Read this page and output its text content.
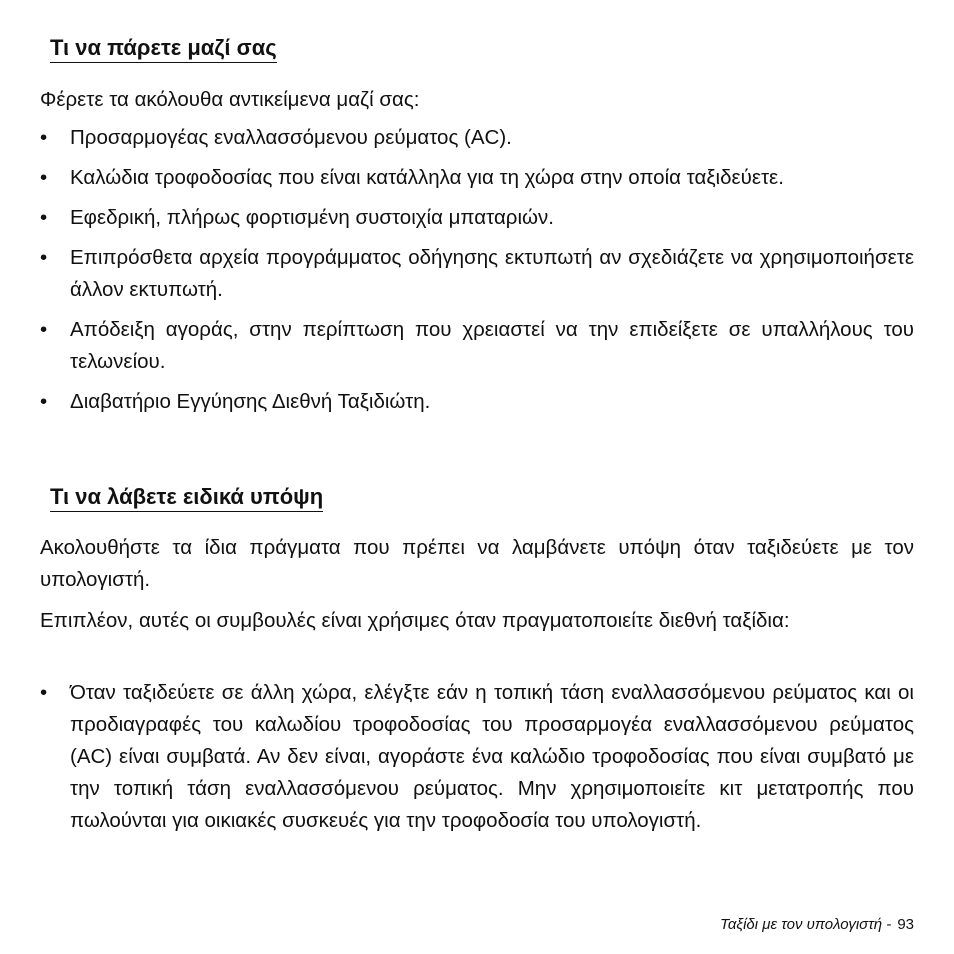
Τι να πάρετε μαζί σας
Φέρετε τα ακόλουθα αντικείμενα μαζί σας:
• Προσαρμογέας εναλλασσόμενου ρεύματος (AC).
• Καλώδια τροφοδοσίας που είναι κατάλληλα για τη χώρα στην οποία ταξιδεύετε.
• Εφεδρική, πλήρως φορτισμένη συστοιχία μπαταριών.
• Επιπρόσθετα αρχεία προγράμματος οδήγησης εκτυπωτή αν σχεδιάζετε να χρησιμοποιήσετε άλλον εκτυπωτή.
• Απόδειξη αγοράς, στην περίπτωση που χρειαστεί να την επιδείξετε σε υπαλλήλους του τελωνείου.
• Διαβατήριο Εγγύησης Διεθνή Ταξιδιώτη.
Τι να λάβετε ειδικά υπόψη
Ακολουθήστε τα ίδια πράγματα που πρέπει να λαμβάνετε υπόψη όταν ταξιδεύετε με τον υπολογιστή.
Επιπλέον, αυτές οι συμβουλές είναι χρήσιμες όταν πραγματοποιείτε διεθνή ταξίδια:
• Όταν ταξιδεύετε σε άλλη χώρα, ελέγξτε εάν η τοπική τάση εναλλασσόμενου ρεύματος και οι προδιαγραφές του καλωδίου τροφοδοσίας του προσαρμογέα εναλλασσόμενου ρεύματος (AC) είναι συμβατά. Αν δεν είναι, αγοράστε ένα καλώδιο τροφοδοσίας που είναι συμβατό με την τοπική τάση εναλλασσόμενου ρεύματος. Μην χρησιμοποιείτε κιτ μετατροπής που πωλούνται για οικιακές συσκευές για την τροφοδοσία του υπολογιστή.
Ταξίδι με τον υπολογιστή - 93
